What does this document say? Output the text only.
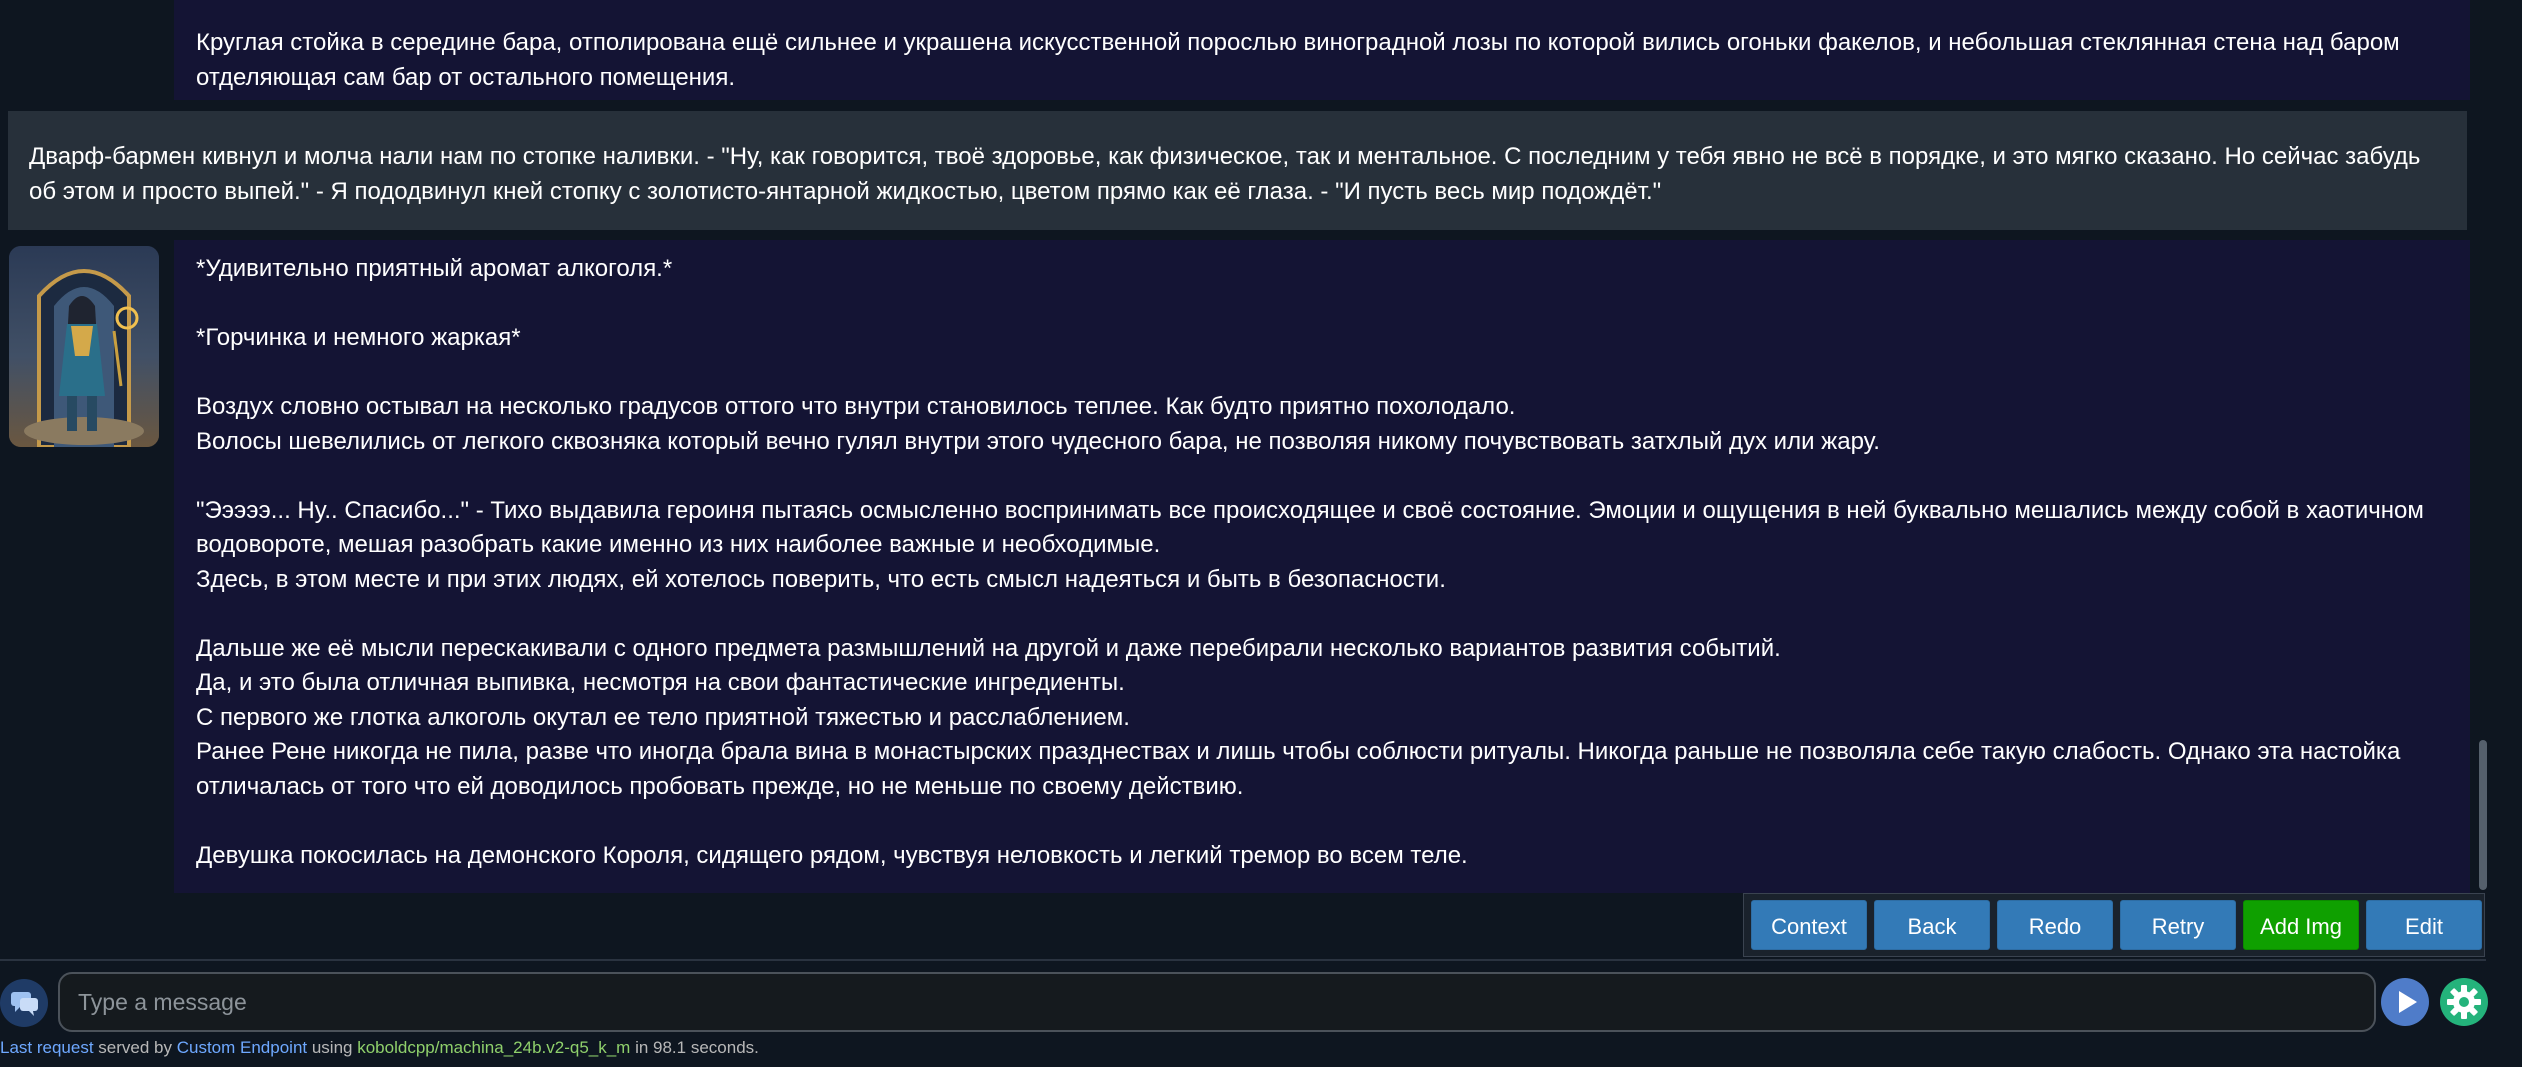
Круглая стойка в середине бара, отполирована ещё сильнее и украшена искусственной порослью виноградной лозы по которой вились огоньки факелов, и небольшая стеклянная стена над баром
отделяющая сам бар от остального помещения.
Дварф-бармен кивнул и молча нали нам по стопке наливки. - "Ну, как говорится, твоё здоровье, как физическое, так и ментальное. С последним у тебя явно не всё в порядке, и это мягко сказано. Но сейчас забудь
об этом и просто выпей." - Я пододвинул кней стопку с золотисто-янтарной жидкостью, цветом прямо как её глаза. - "И пусть весь мир подождёт."
*Удивительно приятный аромат алкоголя.*
*Горчинка и немного жаркая*
Воздух словно остывал на несколько градусов оттого что внутри становилось теплее. Как будто приятно похолодало.
Волосы шевелились от легкого сквозняка который вечно гулял внутри этого чудесного бара, не позволяя никому почувствовать затхлый дух или жару.
"Эээээ... Ну.. Спасибо..." - Тихо выдавила героиня пытаясь осмысленно воспринимать все происходящее и своё состояние. Эмоции и ощущения в ней буквально мешались между собой в хаотичном
водовороте, мешая разобрать какие именно из них наиболее важные и необходимые.
Здесь, в этом месте и при этих людях, ей хотелось поверить, что есть смысл надеяться и быть в безопасности.
Дальше же её мысли перескакивали с одного предмета размышлений на другой и даже перебирали несколько вариантов развития событий.
Да, и это была отличная выпивка, несмотря на свои фантастические ингредиенты.
С первого же глотка алкоголь окутал ее тело приятной тяжестью и расслаблением.
Ранее Рене никогда не пила, разве что иногда брала вина в монастырских празднествах и лишь чтобы соблюсти ритуалы. Никогда раньше не позволяла себе такую слабость. Однако эта настойка
отличалась от того что ей доводилось пробовать прежде, но не меньше по своему действию.
Девушка покосилась на демонского Короля, сидящего рядом, чувствуя неловкость и легкий тремор во всем теле.
Context	Back	Redo	Retry	Add Img	Edit
Type a message
Last request served by Custom Endpoint using koboldcpp/machina_24b.v2-q5_k_m in 98.1 seconds.
